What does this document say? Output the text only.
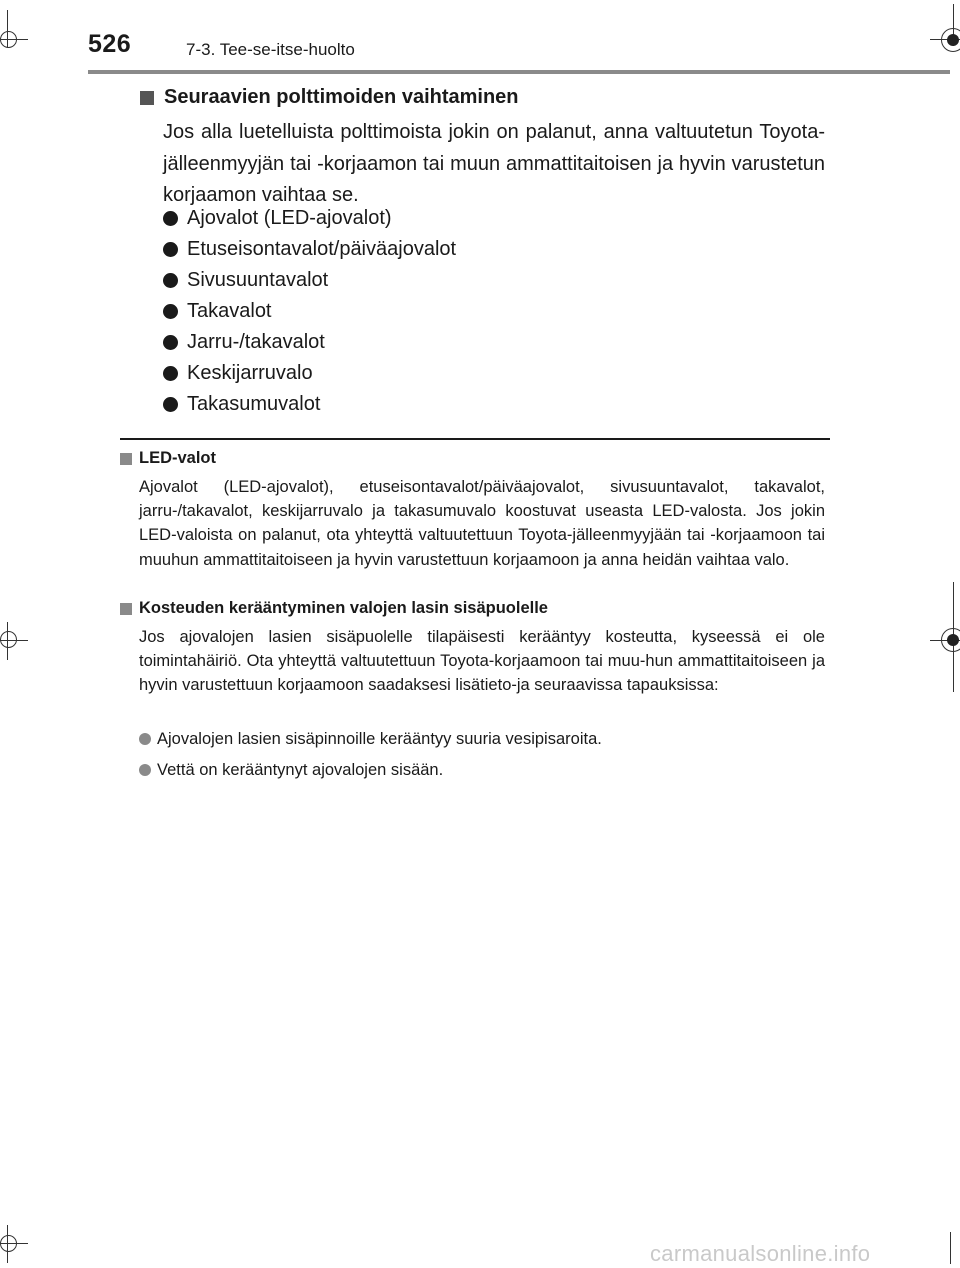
526	7-3. Tee-se-itse-huolto
Seuraavien polttimoiden vaihtaminen
Jos alla luetelluista polttimoista jokin on palanut, anna valtuutetun Toyota-jälleenmyyjän tai -korjaamon tai muun ammattitaitoisen ja hyvin varustetun korjaamon vaihtaa se.
Ajovalot (LED-ajovalot)
Etuseisontavalot/päiväajovalot
Sivusuuntavalot
Takavalot
Jarru-/takavalot
Keskijarruvalo
Takasumuvalot
LED-valot
Ajovalot (LED-ajovalot), etuseisontavalot/päiväajovalot, sivusuuntavalot, takavalot, jarru-/takavalot, keskijarruvalo ja takasumuvalo koostuvat useasta LED-valosta. Jos jokin LED-valoista on palanut, ota yhteyttä valtuutettuun Toyota-jälleenmyyjään tai -korjaamoon tai muuhun ammattitaitoiseen ja hyvin varustettuun korjaamoon ja anna heidän vaihtaa valo.
Kosteuden kerääntyminen valojen lasin sisäpuolelle
Jos ajovalojen lasien sisäpuolelle tilapäisesti kerääntyy kosteutta, kyseessä ei ole toimintahäiriö. Ota yhteyttä valtuutettuun Toyota-korjaamoon tai muu-hun ammattitaitoiseen ja hyvin varustettuun korjaamoon saadaksesi lisätieto-ja seuraavissa tapauksissa:
Ajovalojen lasien sisäpinnoille kerääntyy suuria vesipisaroita.
Vettä on kerääntynyt ajovalojen sisään.
carmanualsonline.info
